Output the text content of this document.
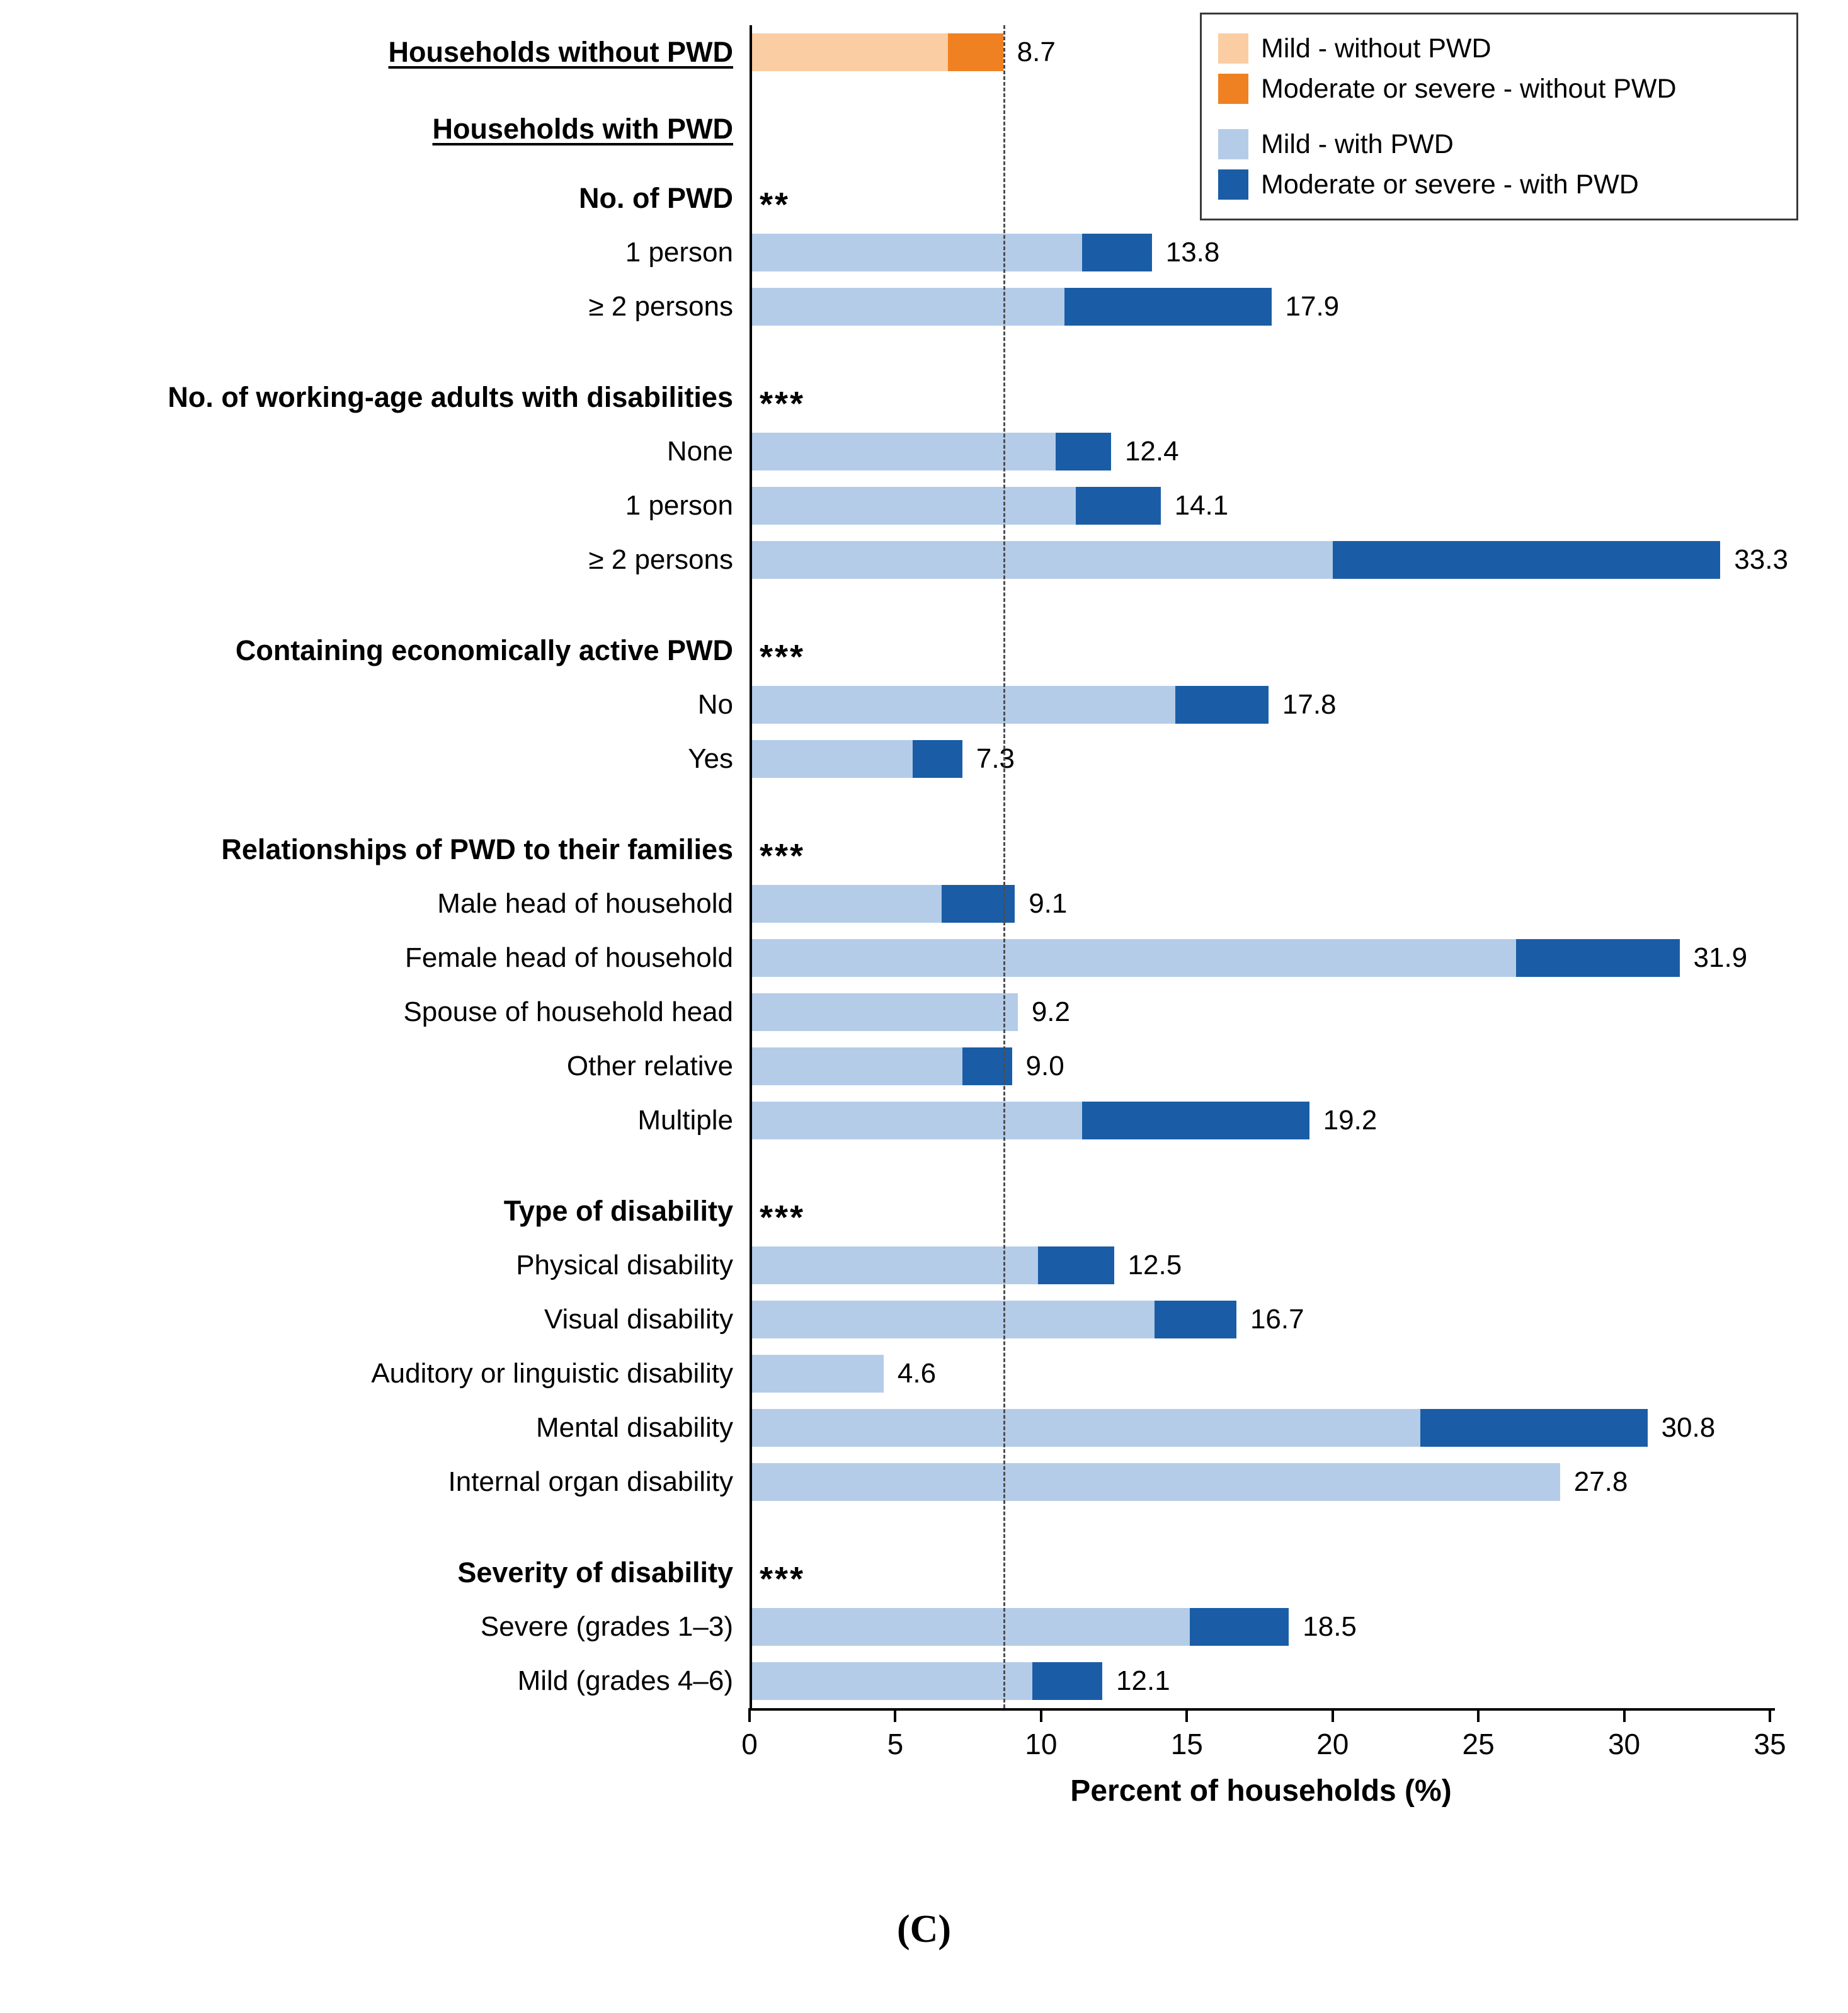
Households without PWD	8.7
Households with PWD
No. of PWD **
1 person	13.8
≥ 2 persons	17.9
No. of working-age adults with disabilities ***
None	12.4
1 person	14.1
≥ 2 persons	33.3
Containing economically active PWD ***
No	17.8
Yes	7.3
Relationships of PWD to their families ***
Male head of household	9.1
Female head of household	31.9
Spouse of household head	9.2
Other relative	9.0
Multiple	19.2
Type of disability ***
Physical disability	12.5
Visual disability	16.7
Auditory or linguistic disability	4.6
Mental disability	30.8
Internal organ disability	27.8
Severity of disability ***
Severe (grades 1–3)	18.5
Mild (grades 4–6)	12.1
0	5	10	15	20	25	30	35
Percent of households (%)
Mild - without PWD
Moderate or severe - without PWD
Mild - with PWD
Moderate or severe - with PWD
(C)
